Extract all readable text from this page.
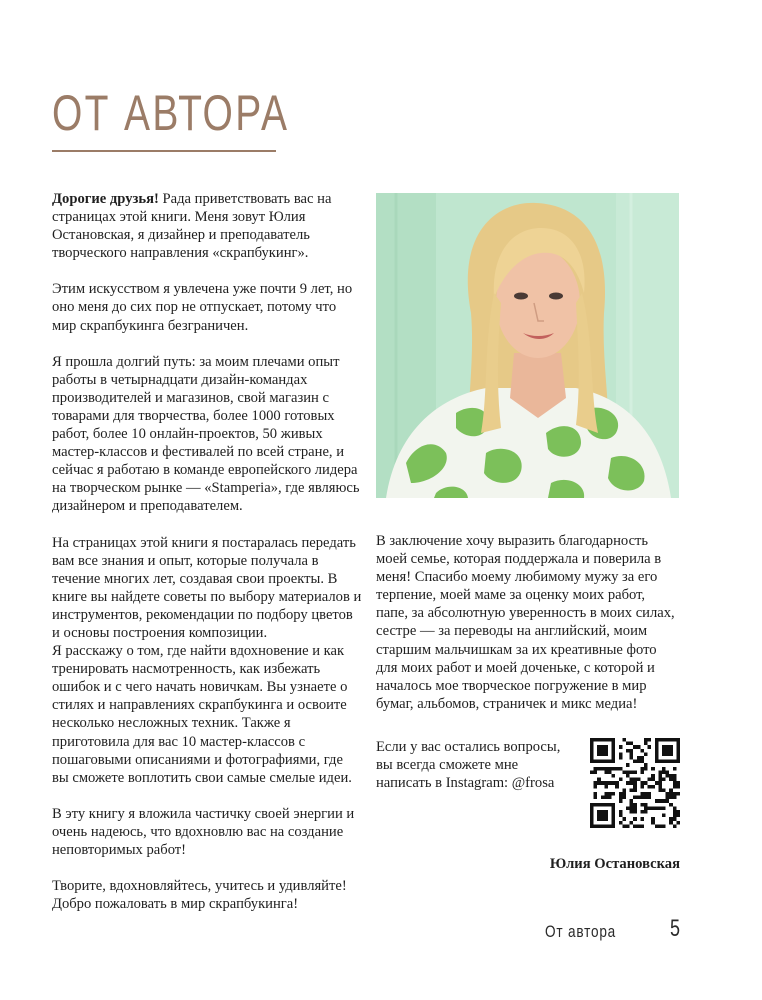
ОТ АВТОРА

Дорогие друзья! Рада приветствовать вас на страницах этой книги. Меня зовут Юлия Остановская, я дизайнер и преподаватель творческого направления «скрапбукинг».

Этим искусством я увлечена уже почти 9 лет, но оно меня до сих пор не отпускает, потому что мир скрапбукинга безграничен.

Я прошла долгий путь: за моим плечами опыт работы в четырнадцати дизайн-командах производителей и магазинов, свой магазин с товарами для творчества, более 1000 готовых работ, более 10 онлайн-проектов, 50 живых мастер-классов и фестивалей по всей стране, и сейчас я работаю в команде европейского лидера на творческом рынке — «Stamperia», где являюсь дизайнером и преподавателем.

На страницах этой книги я постаралась передать вам все знания и опыт, которые получала в течение многих лет, создавая свои проекты. В книге вы найдете советы по выбору материалов и инструментов, рекомендации по подбору цветов и основы построения композиции.
Я расскажу о том, где найти вдохновение и как тренировать насмотренность, как избежать ошибок и с чего начать новичкам. Вы узнаете о стилях и направлениях скрапбукинга и освоите несколько несложных техник. Также я приготовила для вас 10 мастер-классов с пошаговыми описаниями и фотографиями, где вы сможете воплотить свои самые смелые идеи.

В эту книгу я вложила частичку своей энергии и очень надеюсь, что вдохновлю вас на создание неповторимых работ!

Творите, вдохновляйтесь, учитесь и удивляйте!
Добро пожаловать в мир скрапбукинга!

В заключение хочу выразить благодарность моей семье, которая поддержала и поверила в меня! Спасибо моему любимому мужу за его терпение, моей маме за оценку моих работ, папе, за абсолютную уверенность в моих силах, сестре — за переводы на английский, моим старшим мальчишкам за их креативные фото для моих работ и моей доченьке, с которой и началось мое творческое погружение в мир бумаг, альбомов, страничек и микс медиа!

Если у вас остались вопросы, вы всегда сможете мне написать в Instagram: @frosa
Юлия Остановская
От автора 5
